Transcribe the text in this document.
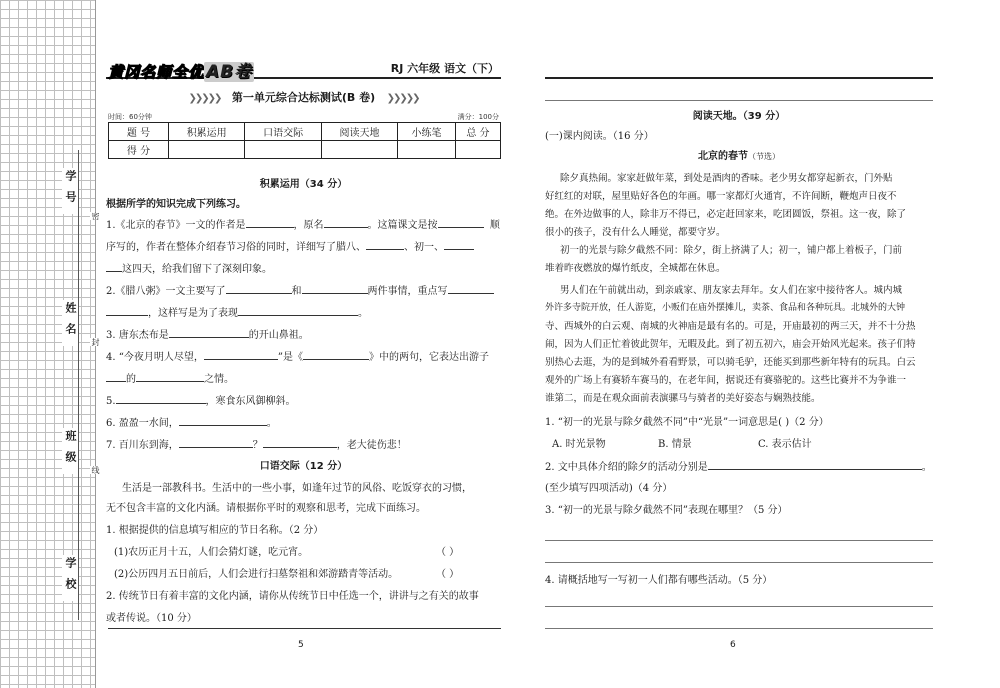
学号
姓名
班级
学校
密
封
线
黄冈名师全优 AB卷	RJ 六年级 语文（下）
❯❯❯❯❯ 第一单元综合达标测试(B 卷) ❯❯❯❯❯
时间：60分钟	满分：100分
题 号	积累运用	口语交际	阅读天地	小练笔	总 分
得 分					
积累运用（34 分）
根据所学的知识完成下列练习。
1.《北京的春节》一文的作者是	，原名	。这篇课文是按	顺
序写的，作者在整体介绍春节习俗的同时，详细写了腊八、	、初一、
这四天，给我们留下了深刻印象。
2.《腊八粥》一文主要写了	和	两件事情，重点写
，这样写是为了表现	。
3. 唐东杰布是	的开山鼻祖。
4. “今夜月明人尽望，	”是《	》中的两句，它表达出游子
的	之情。
5.	，寒食东风御柳斜。
6. 盈盈一水间，	。
7. 百川东到海，	？	，老大徒伤悲！
口语交际（12 分）
生活是一部教科书。生活中的一些小事，如逢年过节的风俗、吃饭穿衣的习惯，
无不包含丰富的文化内涵。请根据你平时的观察和思考，完成下面练习。
1. 根据提供的信息填写相应的节日名称。（2 分）
(1)农历正月十五，人们会猜灯谜，吃元宵。	（ ）
(2)公历四月五日前后，人们会进行扫墓祭祖和郊游踏青等活动。	（ ）
2. 传统节日有着丰富的文化内涵，请你从传统节日中任选一个，讲讲与之有关的故事
或者传说。（10 分）
5
阅读天地。（39 分）
(一)课内阅读。（16 分）
北京的春节（节选）
除夕真热闹。家家赶做年菜，到处是酒肉的香味。老少男女都穿起新衣，门外贴
好红红的对联，屋里贴好各色的年画。哪一家都灯火通宵，不许间断，鞭炮声日夜不
绝。在外边做事的人，除非万不得已，必定赶回家来，吃团圆饭，祭祖。这一夜，除了
很小的孩子，没有什么人睡觉，都要守岁。
初一的光景与除夕截然不同：除夕，街上挤满了人；初一，铺户都上着板子，门前
堆着昨夜燃放的爆竹纸皮，全城都在休息。
男人们在午前就出动，到亲戚家、朋友家去拜年。女人们在家中接待客人。城内城
外许多寺院开放，任人游览，小贩们在庙外摆摊儿，卖茶、食品和各种玩具。北城外的大钟
寺、西城外的白云观、南城的火神庙是最有名的。可是，开庙最初的两三天，并不十分热
闹，因为人们正忙着彼此贺年，无暇及此。到了初五初六，庙会开始风光起来。孩子们特
别热心去逛，为的是到城外看看野景，可以骑毛驴，还能买到那些新年特有的玩具。白云
观外的广场上有赛轿车赛马的，在老年间，据说还有赛骆驼的。这些比赛并不为争谁一
谁第二，而是在观众面前表演骡马与骑者的美好姿态与娴熟技能。
1. “初一的光景与除夕截然不同”中“光景”一词意思是( )（2 分）
A. 时光景物	B. 情景	C. 表示估计
2. 文中具体介绍的除夕的活动分别是	。
(至少填写四项活动)（4 分）
3. “初一的光景与除夕截然不同”表现在哪里？（5 分）
4. 请概括地写一写初一人们都有哪些活动。（5 分）
6
